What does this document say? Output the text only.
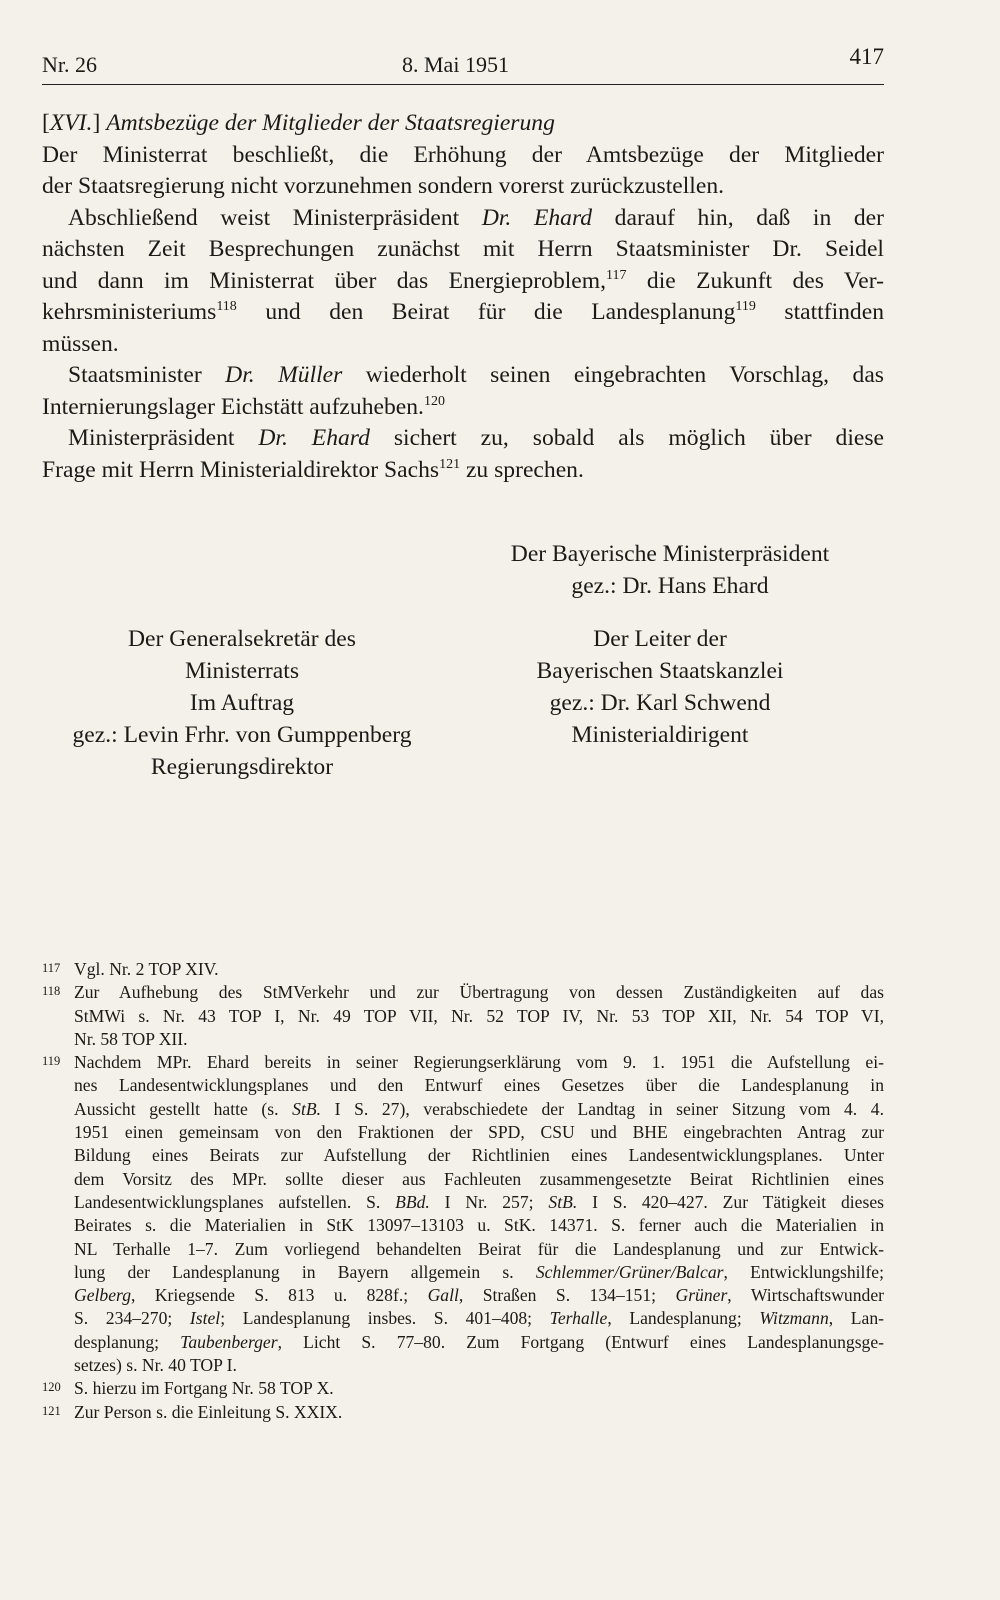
Nr. 26	8. Mai 1951	417
[XVI.] Amtsbezüge der Mitglieder der Staatsregierung
Der Ministerrat beschließt, die Erhöhung der Amtsbezüge der Mitglieder
der Staatsregierung nicht vorzunehmen sondern vorerst zurückzustellen.
Abschließend weist Ministerpräsident Dr. Ehard darauf hin, daß in der
nächsten Zeit Besprechungen zunächst mit Herrn Staatsminister Dr. Seidel
und dann im Ministerrat über das Energieproblem,$^{117}$ die Zukunft des Ver-
kehrsministeriums$^{118}$ und den Beirat für die Landesplanung$^{119}$ stattfinden
müssen.
Staatsminister Dr. Müller wiederholt seinen eingebrachten Vorschlag, das
Internierungslager Eichstätt aufzuheben.$^{120}$
Ministerpräsident Dr. Ehard sichert zu, sobald als möglich über diese
Frage mit Herrn Ministerialdirektor Sachs$^{121}$ zu sprechen.
Der Bayerische Ministerpräsident
gez.: Dr. Hans Ehard
Der Generalsekretär des
Ministerrats
Im Auftrag
gez.: Levin Frhr. von Gumppenberg
Regierungsdirektor
Der Leiter der
Bayerischen Staatskanzlei
gez.: Dr. Karl Schwend
Ministerialdirigent
117 Vgl. Nr. 2 TOP XIV.
118 Zur Aufhebung des StMVerkehr und zur Übertragung von dessen Zuständigkeiten auf das
StMWi s. Nr. 43 TOP I, Nr. 49 TOP VII, Nr. 52 TOP IV, Nr. 53 TOP XII, Nr. 54 TOP VI,
Nr. 58 TOP XII.
119 Nachdem MPr. Ehard bereits in seiner Regierungserklärung vom 9. 1. 1951 die Aufstellung ei-
nes Landesentwicklungsplanes und den Entwurf eines Gesetzes über die Landesplanung in
Aussicht gestellt hatte (s. StB. I S. 27), verabschiedete der Landtag in seiner Sitzung vom 4. 4.
1951 einen gemeinsam von den Fraktionen der SPD, CSU und BHE eingebrachten Antrag zur
Bildung eines Beirats zur Aufstellung der Richtlinien eines Landesentwicklungsplanes. Unter
dem Vorsitz des MPr. sollte dieser aus Fachleuten zusammengesetzte Beirat Richtlinien eines
Landesentwicklungsplanes aufstellen. S. BBd. I Nr. 257; StB. I S. 420–427. Zur Tätigkeit dieses
Beirates s. die Materialien in StK 13097–13103 u. StK. 14371. S. ferner auch die Materialien in
NL Terhalle 1–7. Zum vorliegend behandelten Beirat für die Landesplanung und zur Entwick-
lung der Landesplanung in Bayern allgemein s. Schlemmer/Grüner/Balcar, Entwicklungshilfe;
Gelberg, Kriegsende S. 813 u. 828f.; Gall, Straßen S. 134–151; Grüner, Wirtschaftswunder
S. 234–270; Istel; Landesplanung insbes. S. 401–408; Terhalle, Landesplanung; Witzmann, Lan-
desplanung; Taubenberger, Licht S. 77–80. Zum Fortgang (Entwurf eines Landesplanungsge-
setzes) s. Nr. 40 TOP I.
120 S. hierzu im Fortgang Nr. 58 TOP X.
121 Zur Person s. die Einleitung S. XXIX.
